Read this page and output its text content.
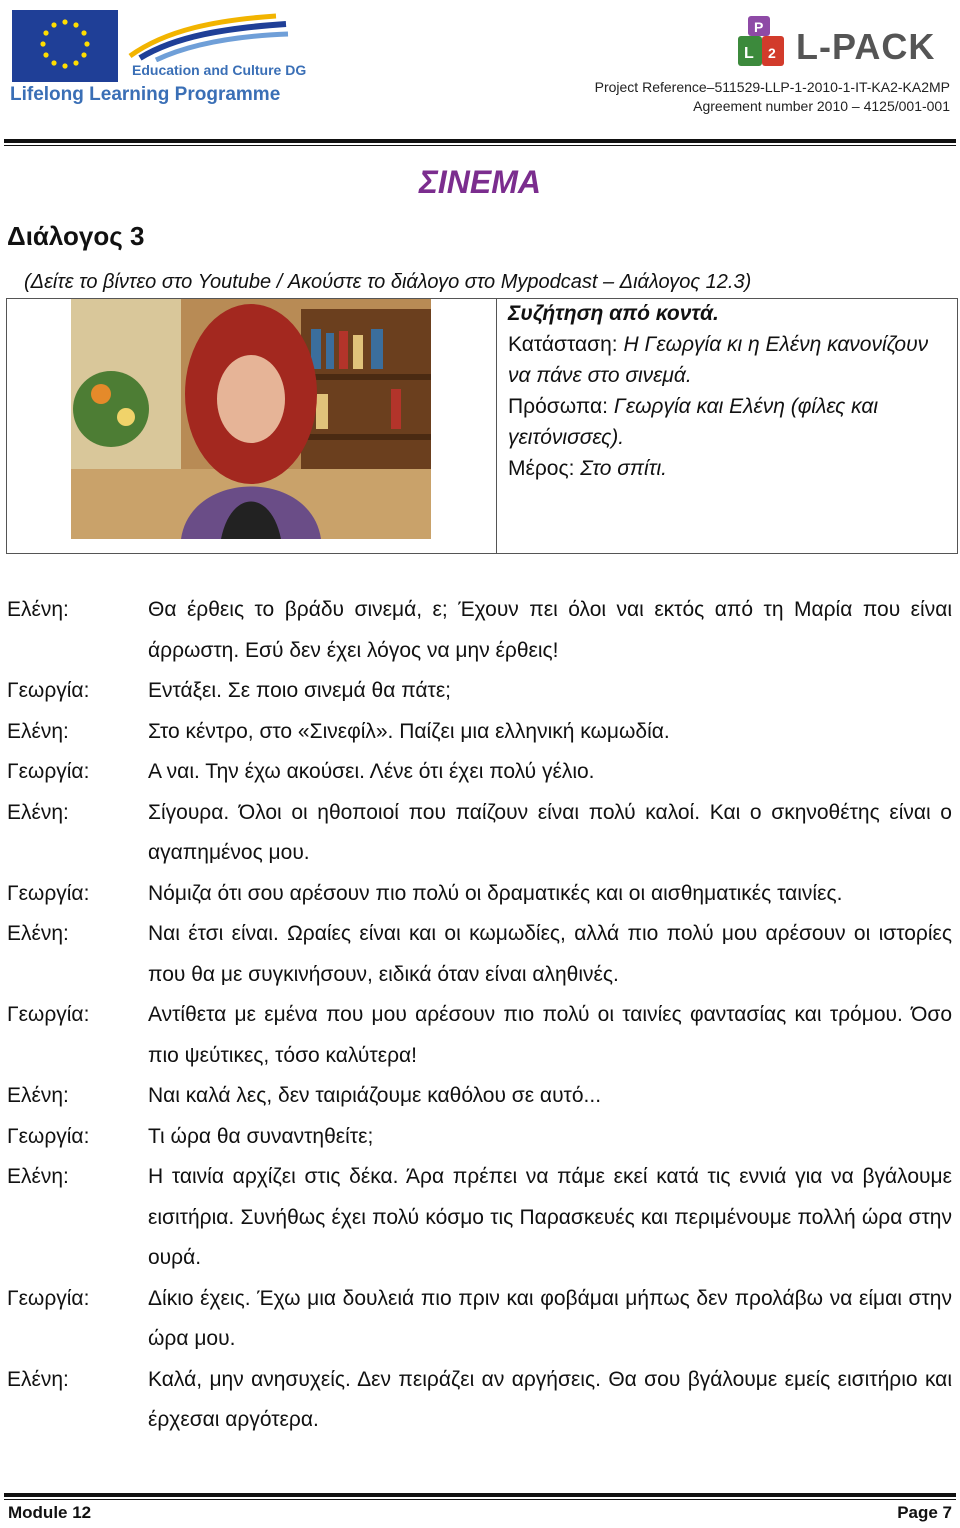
Education and Culture DG
Lifelong Learning Programme
P
L 2 L-PACK
Project Reference–511529-LLP-1-2010-1-IT-KA2-KA2MP
Agreement number 2010 – 4125/001-001
ΣΙΝΕΜΑ
Διάλογος 3
(Δείτε το βίντεο στο Youtube / Ακούστε το διάλογο στο Mypodcast – Διάλογος 12.3)
Συζήτηση από κοντά.
Κατάσταση: Η Γεωργία κι η Ελένη κανονίζουν να πάνε στο σινεμά.
Πρόσωπα: Γεωργία και Ελένη (φίλες και γειτόνισσες).
Μέρος: Στο σπίτι.
Ελένη:	Θα έρθεις το βράδυ σινεμά, ε; Έχουν πει όλοι ναι εκτός από τη Μαρία που είναι άρρωστη. Εσύ δεν έχει λόγος να μην έρθεις!
Γεωργία:	Εντάξει. Σε ποιο σινεμά θα πάτε;
Ελένη:	Στο κέντρο, στο «Σινεφίλ». Παίζει μια ελληνική κωμωδία.
Γεωργία:	Α ναι. Την έχω ακούσει. Λένε ότι έχει πολύ γέλιο.
Ελένη:	Σίγουρα. Όλοι οι ηθοποιοί που παίζουν είναι πολύ καλοί. Και ο σκηνοθέτης είναι ο αγαπημένος μου.
Γεωργία:	Νόμιζα ότι σου αρέσουν πιο πολύ οι δραματικές και οι αισθηματικές ταινίες.
Ελένη:	Ναι έτσι είναι. Ωραίες είναι και οι κωμωδίες, αλλά πιο πολύ μου αρέσουν οι ιστορίες που θα με συγκινήσουν, ειδικά όταν είναι αληθινές.
Γεωργία:	Αντίθετα με εμένα που μου αρέσουν πιο πολύ οι ταινίες φαντασίας και τρόμου. Όσο πιο ψεύτικες, τόσο καλύτερα!
Ελένη:	Ναι καλά λες, δεν ταιριάζουμε καθόλου σε αυτό...
Γεωργία:	Τι ώρα θα συναντηθείτε;
Ελένη:	Η ταινία αρχίζει στις δέκα. Άρα πρέπει να πάμε εκεί κατά τις εννιά για να βγάλουμε εισιτήρια. Συνήθως έχει πολύ κόσμο τις Παρασκευές και περιμένουμε πολλή ώρα στην ουρά.
Γεωργία:	Δίκιο έχεις. Έχω μια δουλειά πιο πριν και φοβάμαι μήπως δεν προλάβω να είμαι στην ώρα μου.
Ελένη:	Καλά, μην ανησυχείς. Δεν πειράζει αν αργήσεις. Θα σου βγάλουμε εμείς εισιτήριο και έρχεσαι αργότερα.
Module 12	Page 7
